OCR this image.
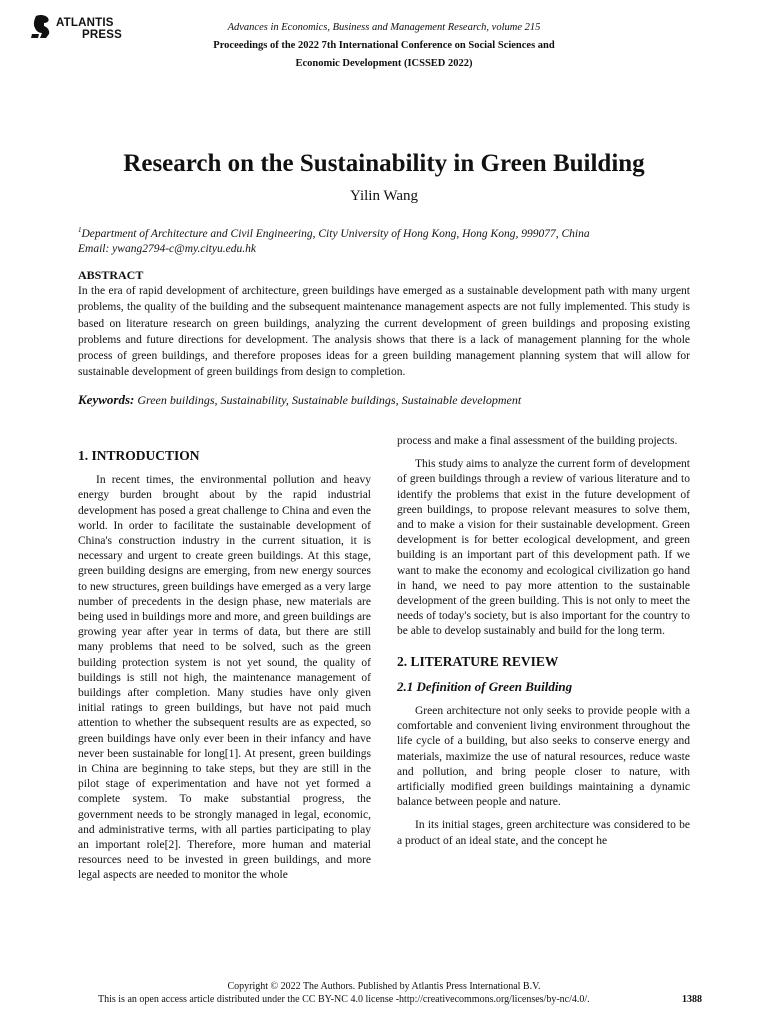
ATLANTIS
PRESS
Advances in Economics, Business and Management Research, volume 215
Proceedings of the 2022 7th International Conference on Social Sciences and
Economic Development (ICSSED 2022)
Research on the Sustainability in Green Building
Yilin Wang
$^1$Department of Architecture and Civil Engineering, City University of Hong Kong, Hong Kong, 999077, China
Email: ywang2794-c@my.cityu.edu.hk
ABSTRACT
In the era of rapid development of architecture, green buildings have emerged as a sustainable development path with many urgent problems, the quality of the building and the subsequent maintenance management aspects are not fully implemented. This study is based on literature research on green buildings, analyzing the current development of green buildings and proposing existing problems and future directions for development. The analysis shows that there is a lack of management planning for the whole process of green buildings, and therefore proposes ideas for a green building management planning system that will allow for sustainable development of green buildings from design to completion.
Keywords: Green buildings, Sustainability, Sustainable buildings, Sustainable development
1. INTRODUCTION

In recent times, the environmental pollution and heavy energy burden brought about by the rapid industrial development has posed a great challenge to China and even the world. In order to facilitate the sustainable development of China's construction industry in the current situation, it is necessary and urgent to create green buildings. At this stage, green building designs are emerging, from new energy sources to new structures, green buildings have emerged as a very large number of precedents in the design phase, new materials are being used in buildings more and more, and green buildings are growing year after year in terms of data, but there are still many problems that need to be solved, such as the green building protection system is not yet sound, the quality of buildings is still not high, the maintenance management of buildings after completion. Many studies have only given initial ratings to green buildings, but have not paid much attention to whether the subsequent results are as expected, so green buildings have only ever been in their infancy and have never been sustainable for long[1]. At present, green buildings in China are beginning to take steps, but they are still in the pilot stage of experimentation and have not yet formed a complete system. To make substantial progress, the government needs to be strongly managed in legal, economic, and administrative terms, with all parties participating to play an important role[2]. Therefore, more human and material resources need to be invested in green buildings, and more legal aspects are needed to monitor the whole

process and make a final assessment of the building projects.

This study aims to analyze the current form of development of green buildings through a review of various literature and to identify the problems that exist in the future development of green buildings, to propose relevant measures to solve them, and to make a vision for their sustainable development. Green development is for better ecological development, and green building is an important part of this development path. If we want to make the economy and ecological civilization go hand in hand, we need to pay more attention to the sustainable development of the green building. This is not only to meet the needs of today's society, but is also important for the country to be able to develop sustainably and build for the long term.

2. LITERATURE REVIEW
2.1 Definition of Green Building

Green architecture not only seeks to provide people with a comfortable and convenient living environment throughout the life cycle of a building, but also seeks to conserve energy and materials, maximize the use of natural resources, reduce waste and pollution, and bring people closer to nature, with artificially modified green buildings maintaining a dynamic balance between people and nature.

In its initial stages, green architecture was considered to be a product of an ideal state, and the concept he

Copyright © 2022 The Authors. Published by Atlantis Press International B.V.
This is an open access article distributed under the CC BY-NC 4.0 license -http://creativecommons.org/licenses/by-nc/4.0/.	1388
